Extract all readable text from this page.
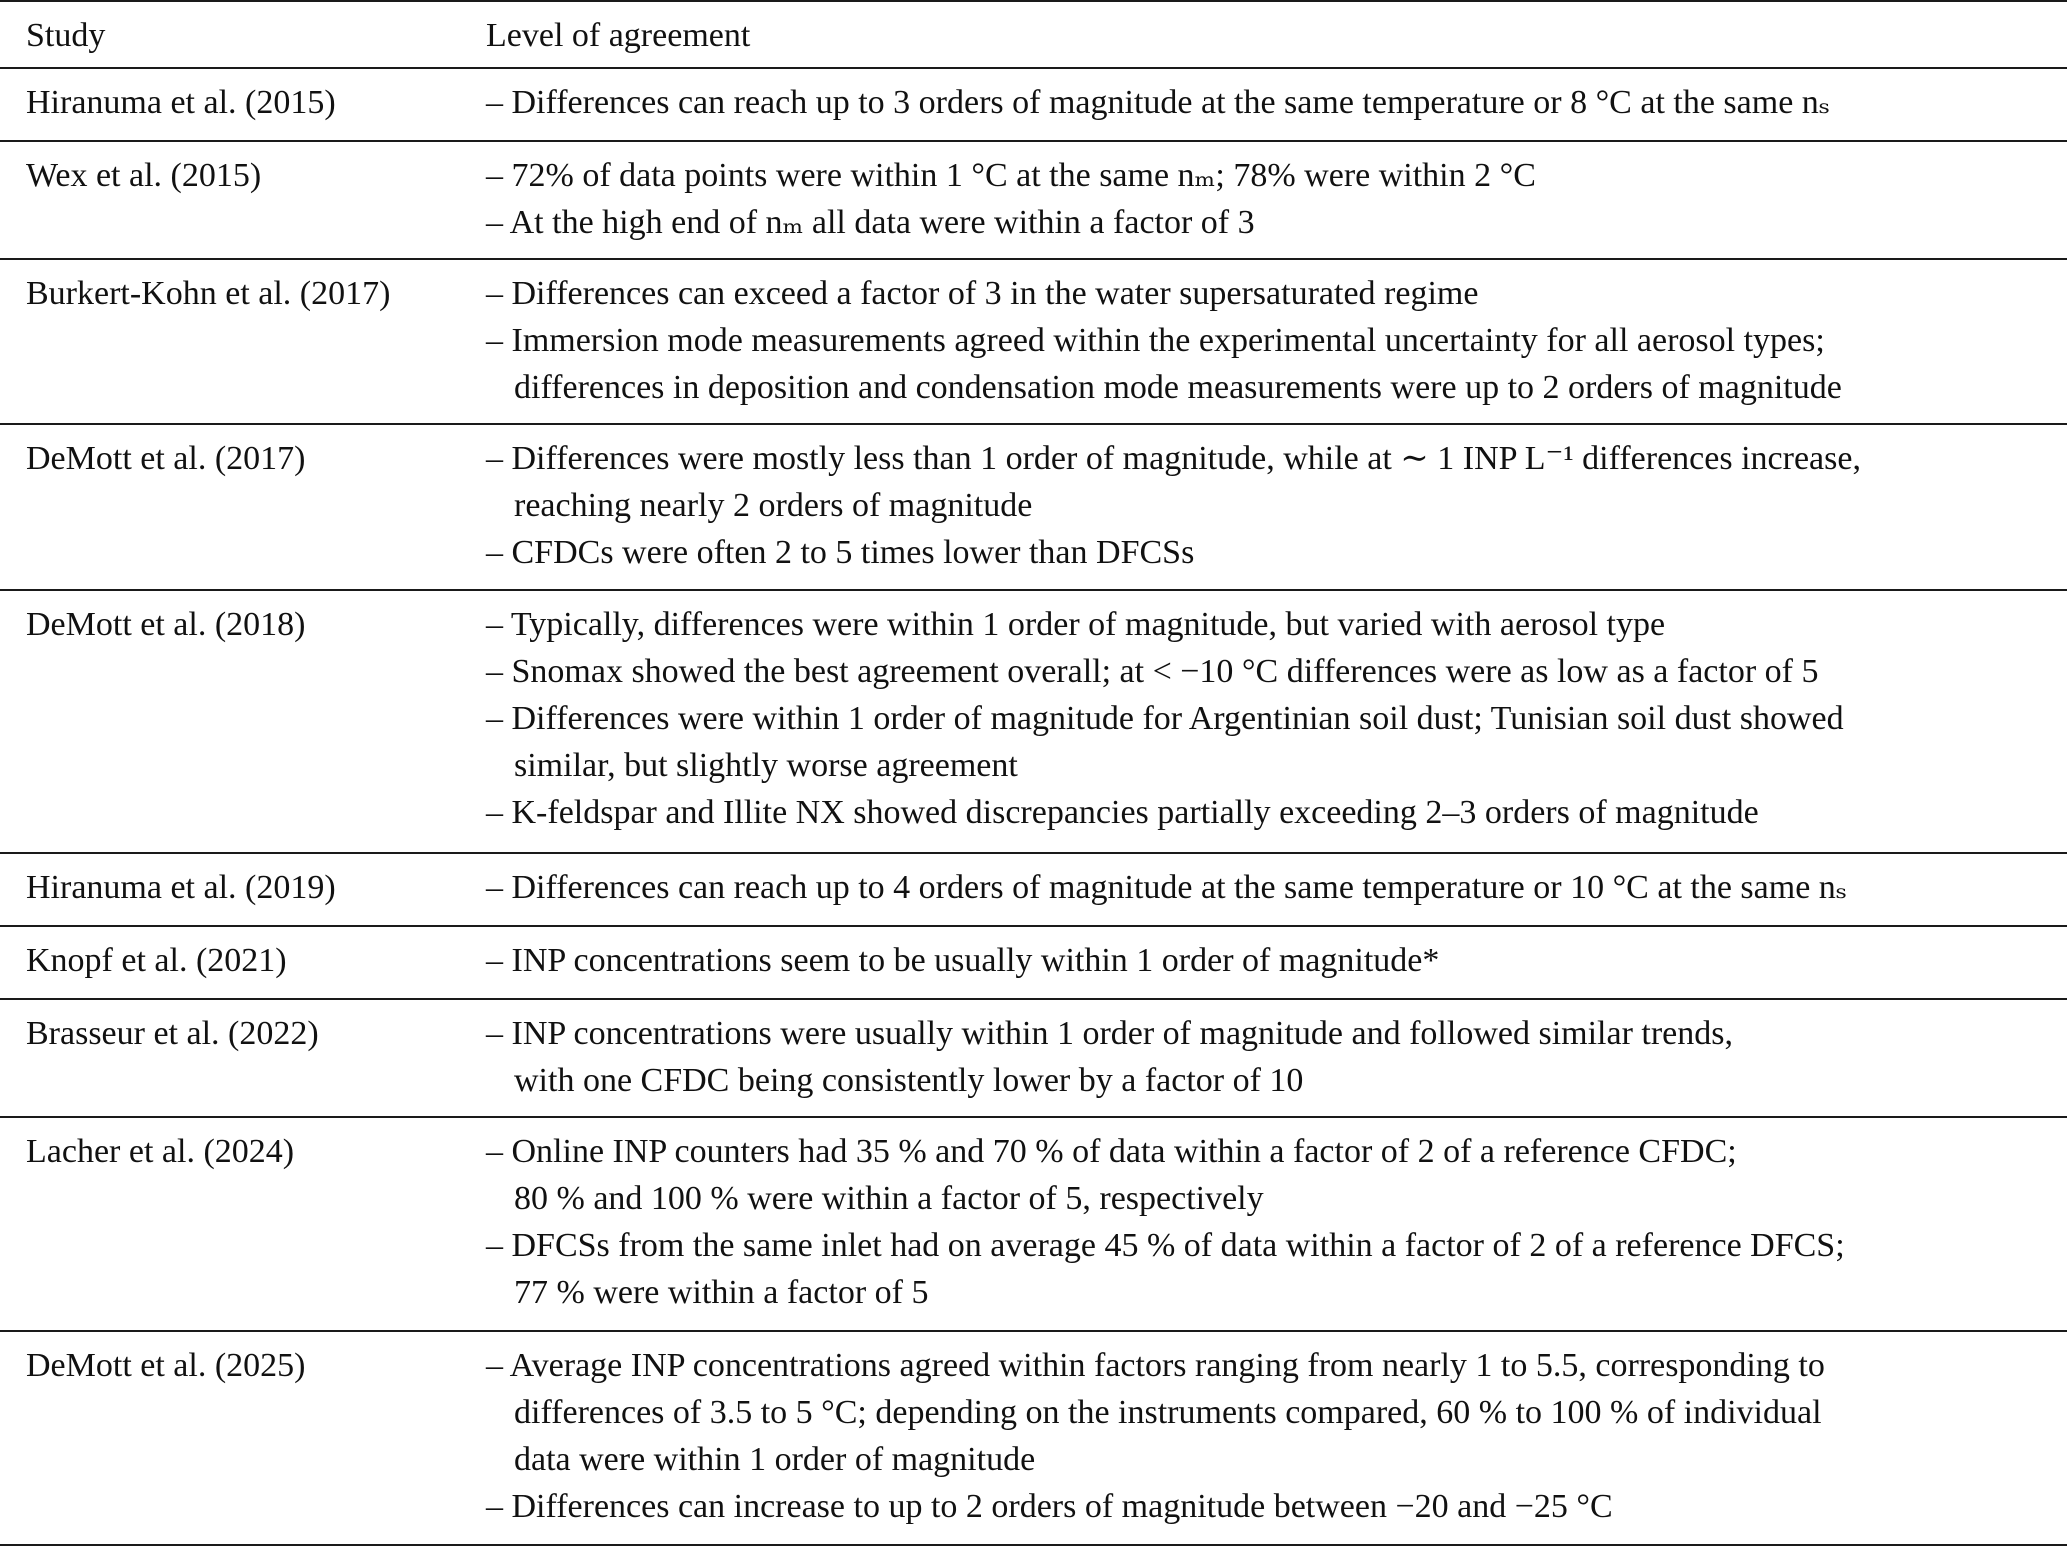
Study	Level of agreement
Hiranuma et al. (2015)	– Differences can reach up to 3 orders of magnitude at the same temperature or 8 °C at the same nₛ
Wex et al. (2015)	– 72% of data points were within 1 °C at the same nₘ; 78% were within 2 °C
– At the high end of nₘ all data were within a factor of 3
Burkert-Kohn et al. (2017)	– Differences can exceed a factor of 3 in the water supersaturated regime
– Immersion mode measurements agreed within the experimental uncertainty for all aerosol types;
differences in deposition and condensation mode measurements were up to 2 orders of magnitude
DeMott et al. (2017)	– Differences were mostly less than 1 order of magnitude, while at ∼ 1 INP L⁻¹ differences increase,
reaching nearly 2 orders of magnitude
– CFDCs were often 2 to 5 times lower than DFCSs
DeMott et al. (2018)	– Typically, differences were within 1 order of magnitude, but varied with aerosol type
– Snomax showed the best agreement overall; at < −10 °C differences were as low as a factor of 5
– Differences were within 1 order of magnitude for Argentinian soil dust; Tunisian soil dust showed
similar, but slightly worse agreement
– K-feldspar and Illite NX showed discrepancies partially exceeding 2–3 orders of magnitude
Hiranuma et al. (2019)	– Differences can reach up to 4 orders of magnitude at the same temperature or 10 °C at the same nₛ
Knopf et al. (2021)	– INP concentrations seem to be usually within 1 order of magnitude*
Brasseur et al. (2022)	– INP concentrations were usually within 1 order of magnitude and followed similar trends,
with one CFDC being consistently lower by a factor of 10
Lacher et al. (2024)	– Online INP counters had 35 % and 70 % of data within a factor of 2 of a reference CFDC;
80 % and 100 % were within a factor of 5, respectively
– DFCSs from the same inlet had on average 45 % of data within a factor of 2 of a reference DFCS;
77 % were within a factor of 5
DeMott et al. (2025)	– Average INP concentrations agreed within factors ranging from nearly 1 to 5.5, corresponding to
differences of 3.5 to 5 °C; depending on the instruments compared, 60 % to 100 % of individual
data were within 1 order of magnitude
– Differences can increase to up to 2 orders of magnitude between −20 and −25 °C
